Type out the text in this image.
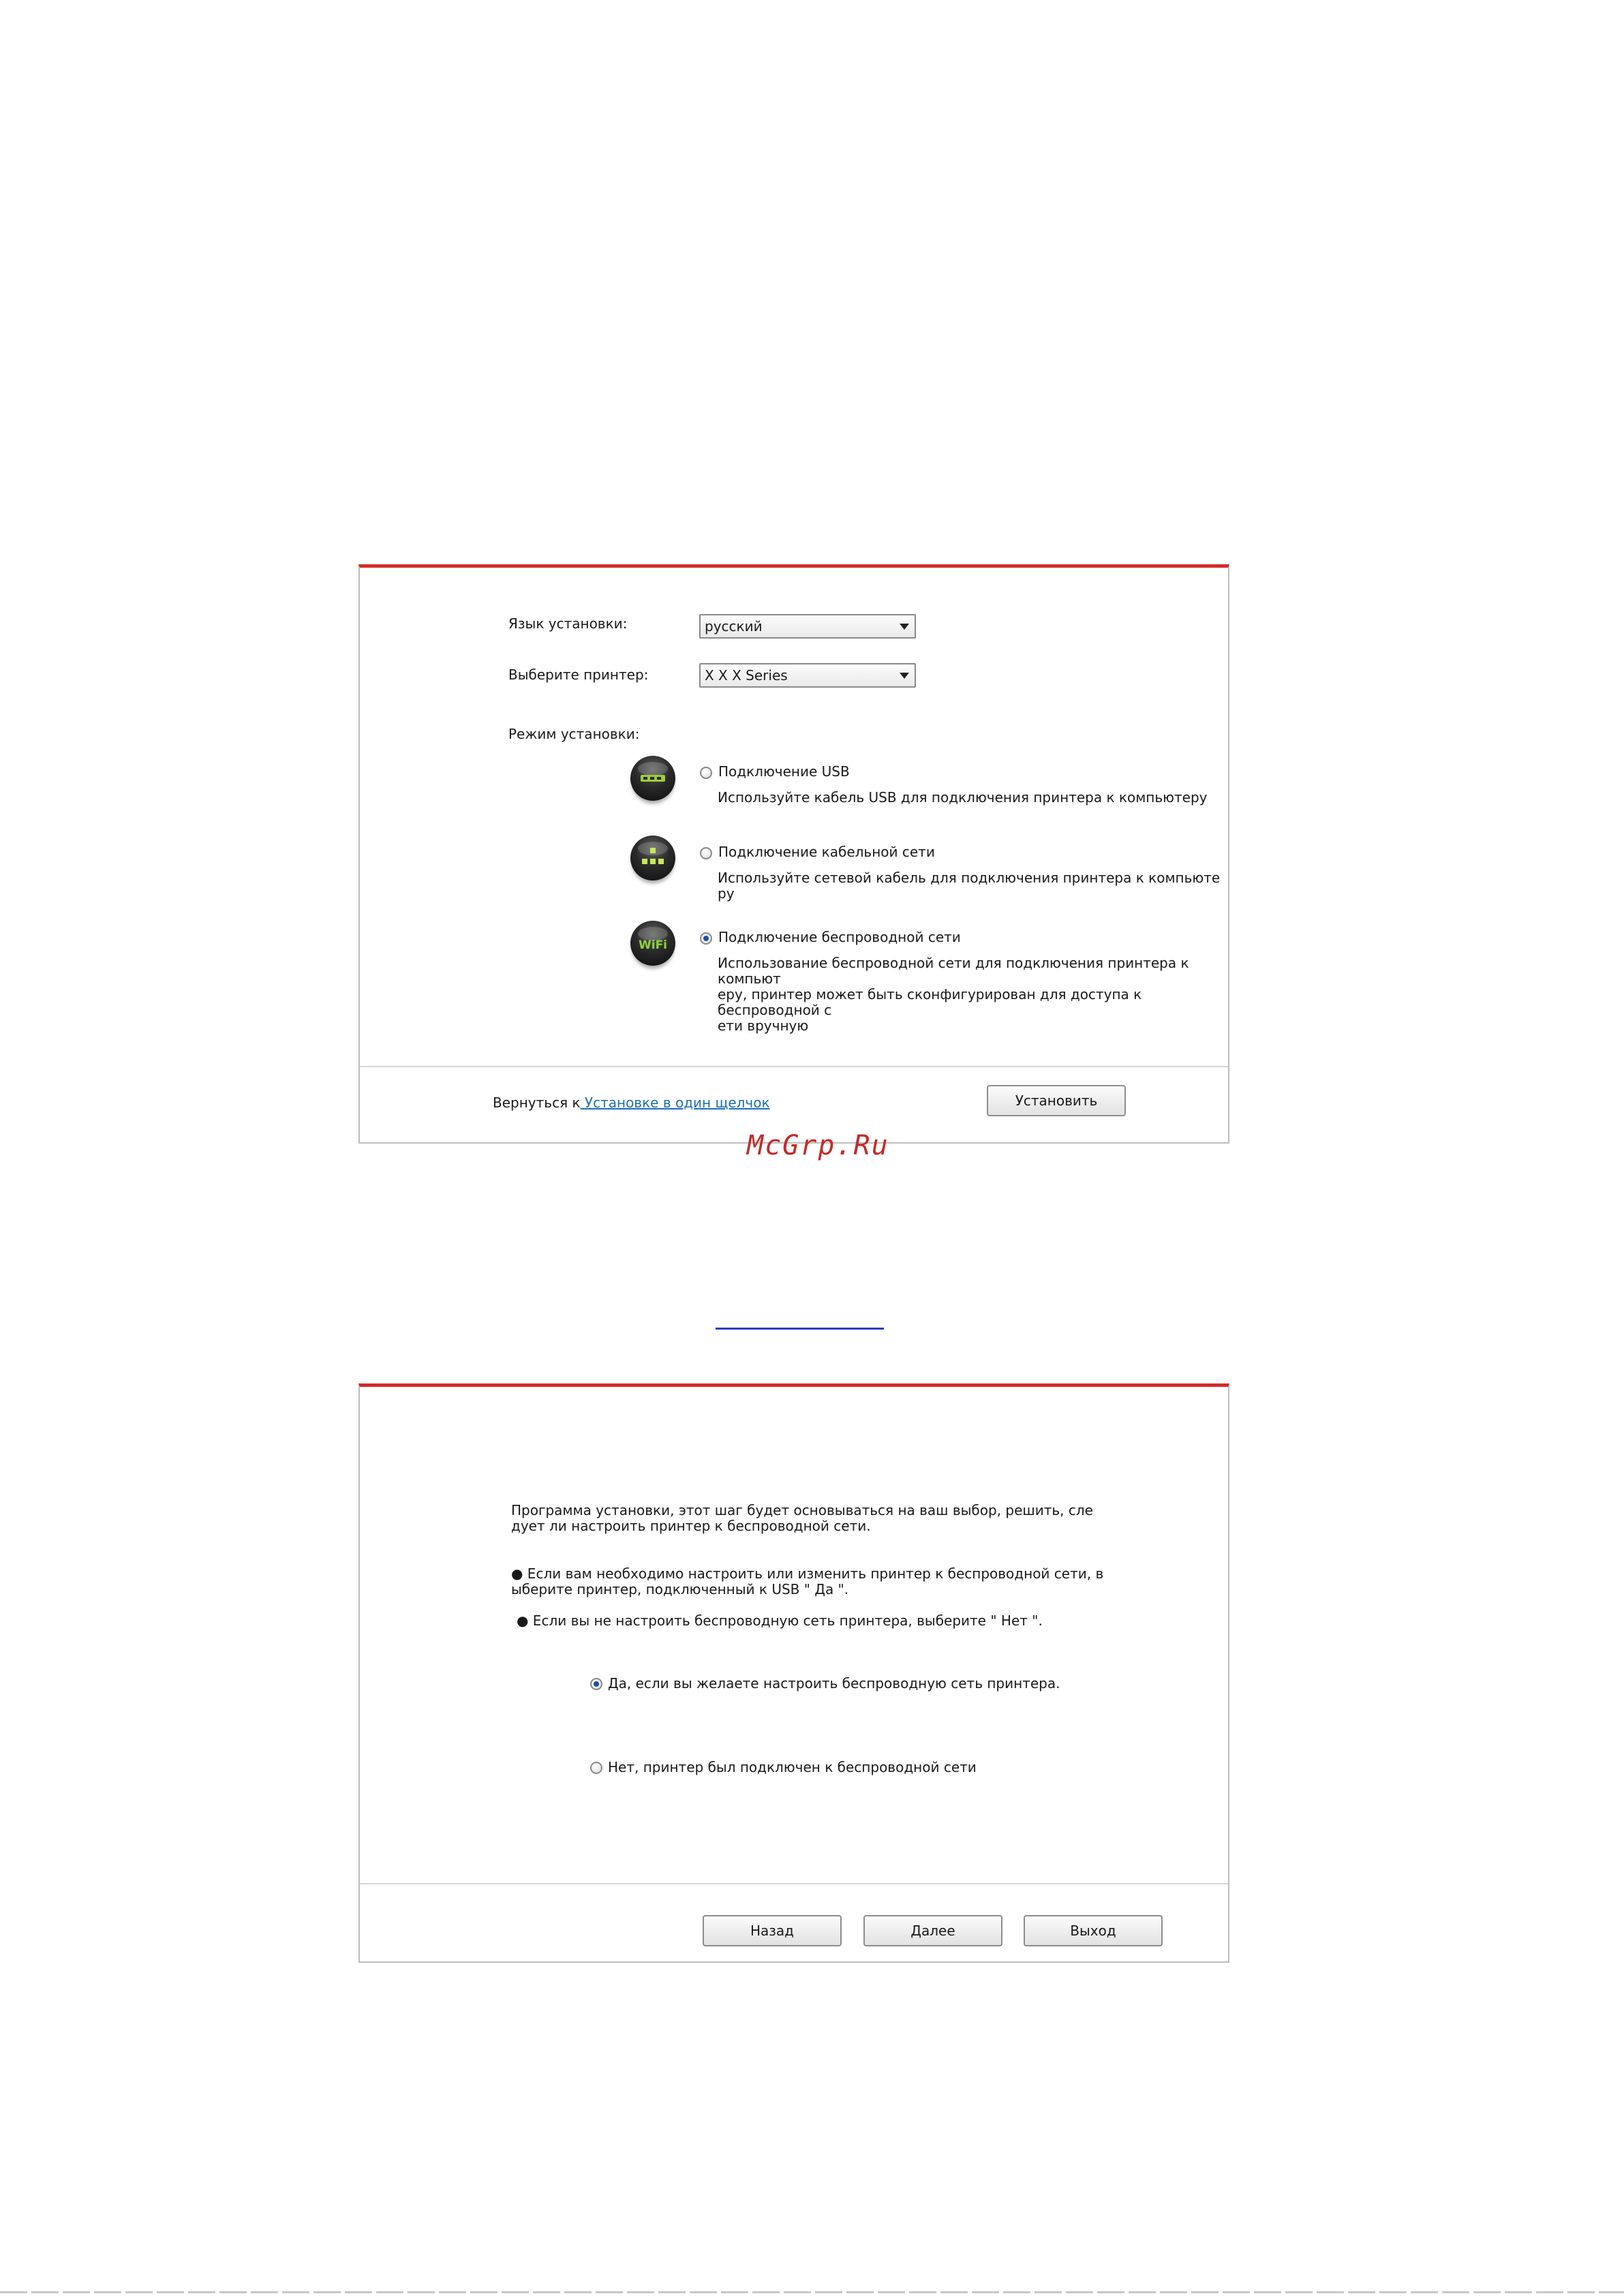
Язык установки:	русский
Выберите принтер:	X X X Series
Режим установки:
Подключение USB
Используйте кабель USB для подключения принтера к компьютеру
Подключение кабельной сети
Используйте сетевой кабель для подключения принтера к компьюте
ру
WiFi	Подключение беспроводной сети
Использование беспроводной сети для подключения принтера к компьют
еру, принтер может быть сконфигурирован для доступа к беспроводной с
ети вручную
Вернуться к Установке в один щелчок	Установить
McGrp.Ru
Программа установки, этот шаг будет основываться на ваш выбор, решить, сле
дует ли настроить принтер к беспроводной сети.
● Если вам необходимо настроить или изменить принтер к беспроводной сети, в
ыберите принтер, подключенный к USB " Да ".
● Если вы не настроить беспроводную сеть принтера, выберите " Нет ".
Да, если вы желаете настроить беспроводную сеть принтера.
Нет, принтер был подключен к беспроводной сети
Назад	Далее	Выход
